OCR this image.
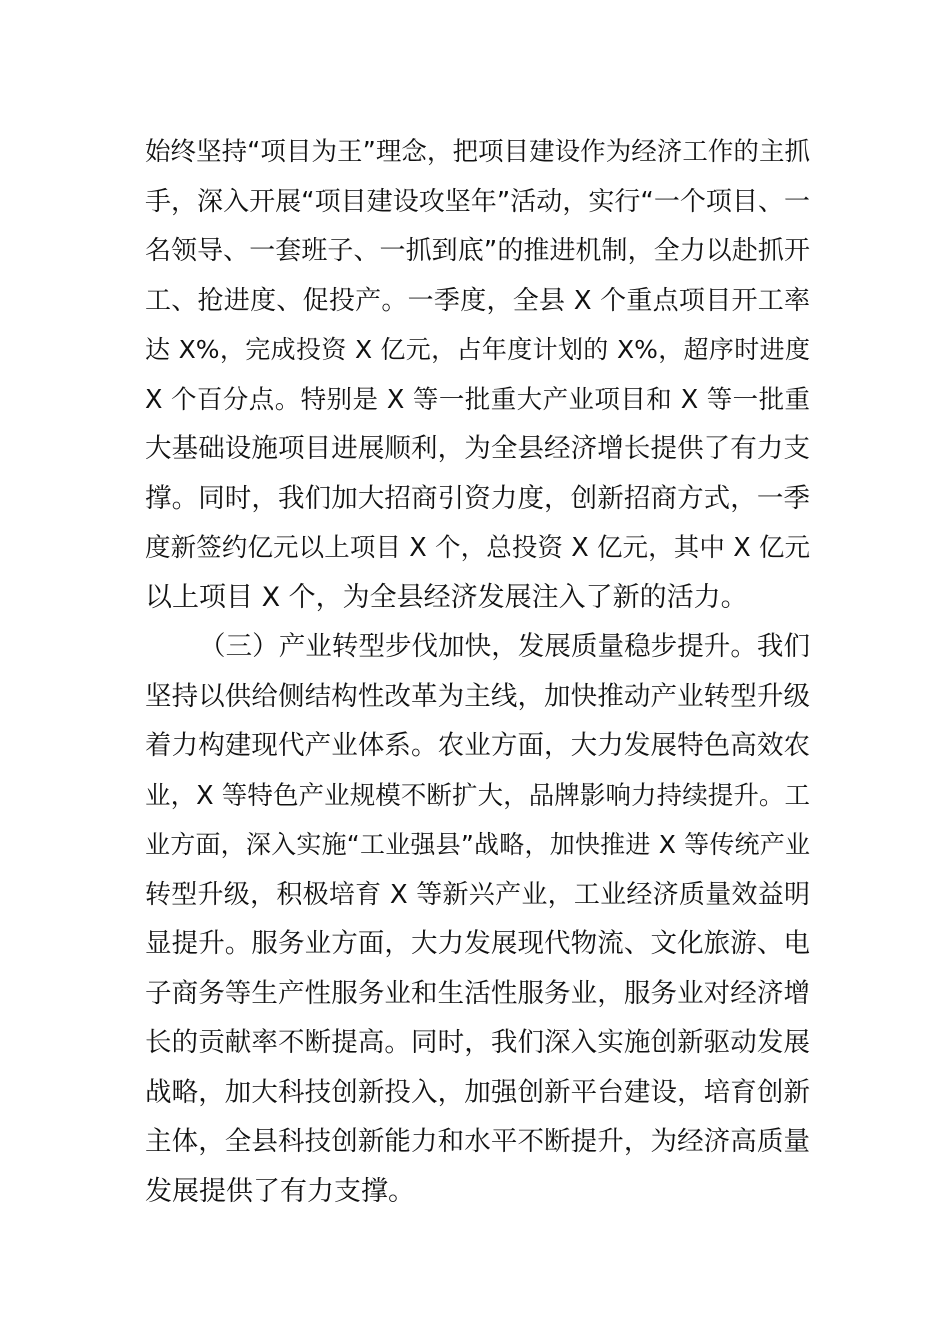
始终坚持“项目为王”理念，把项目建设作为经济工作的主抓
手，深入开展“项目建设攻坚年”活动，实行“一个项目、一
名领导、一套班子、一抓到底”的推进机制，全力以赴抓开
工、抢进度、促投产。一季度，全县 X 个重点项目开工率
达 X%，完成投资 X 亿元，占年度计划的 X%，超序时进度
X 个百分点。特别是 X 等一批重大产业项目和 X 等一批重
大基础设施项目进展顺利，为全县经济增长提供了有力支
撑。同时，我们加大招商引资力度，创新招商方式，一季
度新签约亿元以上项目 X 个，总投资 X 亿元，其中 X 亿元
以上项目 X 个，为全县经济发展注入了新的活力。
（三）产业转型步伐加快，发展质量稳步提升。我们
坚持以供给侧结构性改革为主线，加快推动产业转型升级
着力构建现代产业体系。农业方面，大力发展特色高效农
业，X 等特色产业规模不断扩大，品牌影响力持续提升。工
业方面，深入实施“工业强县”战略，加快推进 X 等传统产业
转型升级，积极培育 X 等新兴产业，工业经济质量效益明
显提升。服务业方面，大力发展现代物流、文化旅游、电
子商务等生产性服务业和生活性服务业，服务业对经济增
长的贡献率不断提高。同时，我们深入实施创新驱动发展
战略，加大科技创新投入，加强创新平台建设，培育创新
主体，全县科技创新能力和水平不断提升，为经济高质量
发展提供了有力支撑。
